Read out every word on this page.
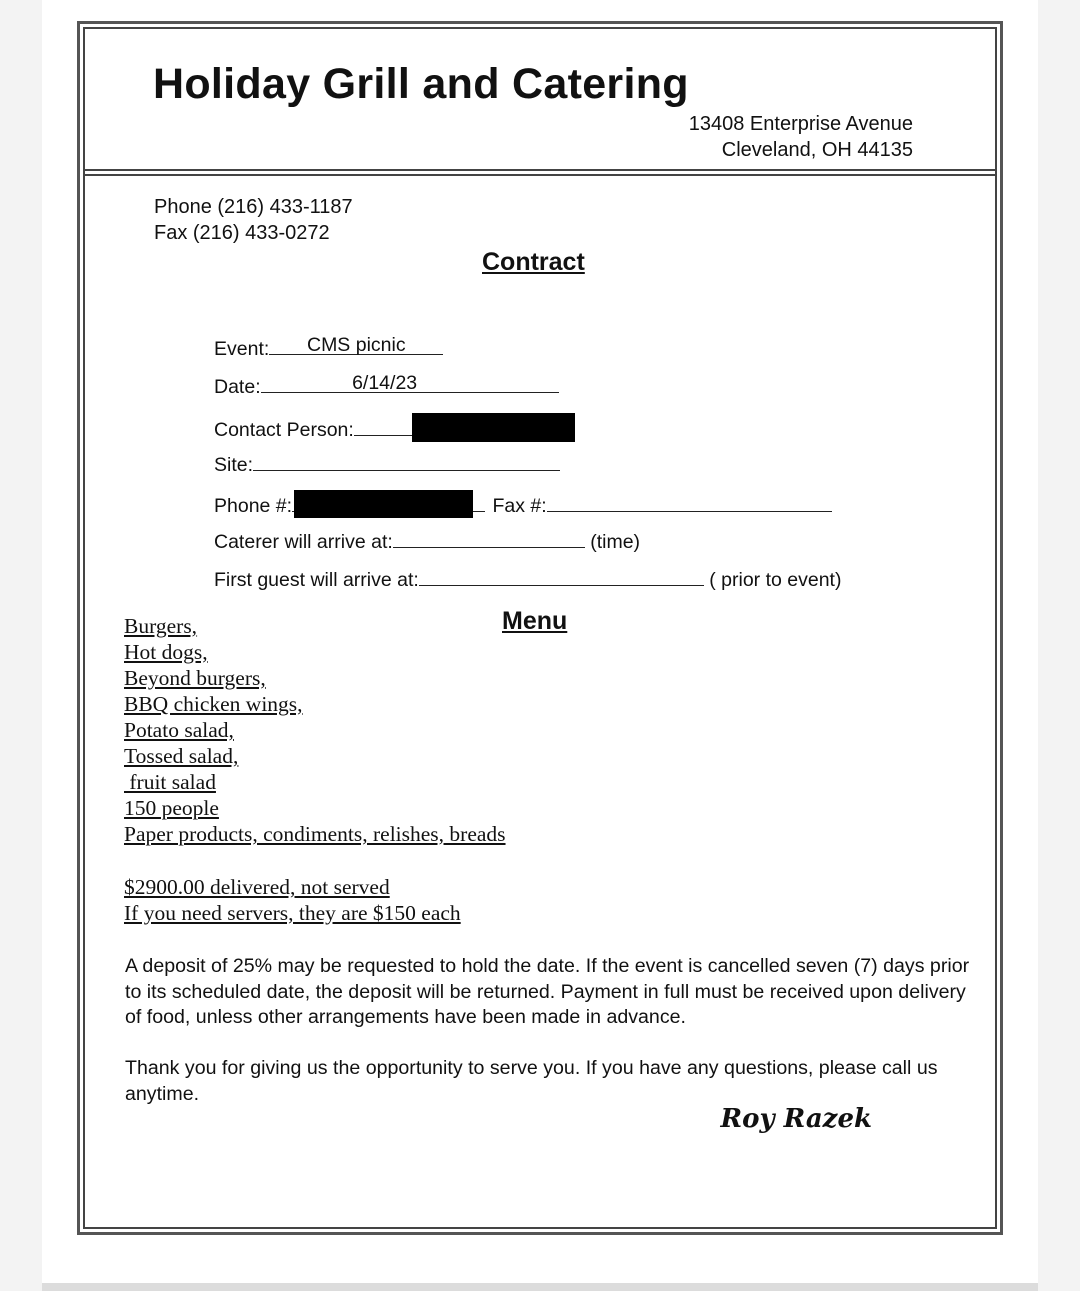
Holiday Grill and Catering
13408 Enterprise Avenue
Cleveland, OH 44135
Phone (216) 433-1187
Fax (216) 433-0272
Contract
Event:	CMS picnic
Date:	6/14/23
Contact Person:
Site:
Phone #:	Fax #:
Caterer will arrive at:	(time)
First guest will arrive at:	( prior to event)
Menu
Burgers,
Hot dogs,
Beyond burgers,
BBQ chicken wings,
Potato salad,
Tossed salad,
fruit salad
150 people
Paper products, condiments, relishes, breads
$2900.00 delivered, not served
If you need servers, they are $150 each
A deposit of 25% may be requested to hold the date. If the event is cancelled seven (7) days prior to its scheduled date, the deposit will be returned. Payment in full must be received upon delivery of food, unless other arrangements have been made in advance.
Thank you for giving us the opportunity to serve you. If you have any questions, please call us anytime.
Roy Razek
